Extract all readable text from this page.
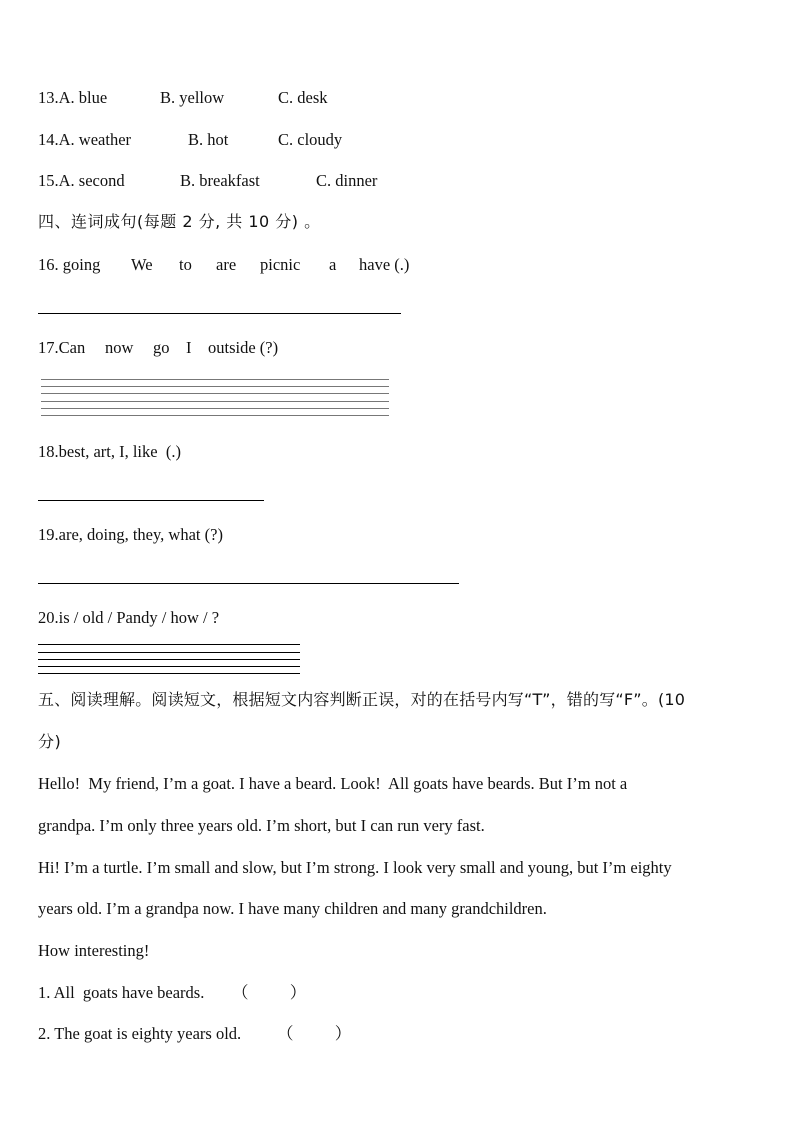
13.A. blue	B. yellow	C. desk
14.A. weather	B. hot	C. cloudy
15.A. second	B. breakfast	C. dinner
四、连词成句(每题 2 分, 共 10 分) 。
16. going We to are picnic a have (.)
17.Can now go I outside (?)
18.best, art, I, like  (.)
19.are, doing, they, what (?)
20.is / old / Pandy / how / ?
五、阅读理解。阅读短文，根据短文内容判断正误，对的在括号内写“T”，错的写“F”。(10
分)
Hello!  My friend, I’m a goat. I have a beard. Look!  All goats have beards. But I’m not a
grandpa. I’m only three years old. I’m short, but I can run very fast.
Hi! I’m a turtle. I’m small and slow, but I’m strong. I look very small and young, but I’m eighty
years old. I’m a grandpa now. I have many children and many grandchildren.
How interesting!
1. All  goats have beards. （          ）
2. The goat is eighty years old. （          ）
